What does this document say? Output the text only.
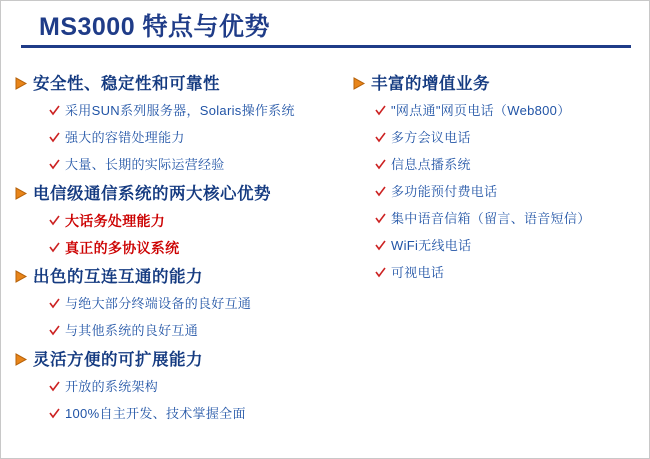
MS3000 特点与优势
安全性、稳定性和可靠性
采用SUN系列服务器，Solaris操作系统
强大的容错处理能力
大量、长期的实际运营经验
电信级通信系统的两大核心优势
大话务处理能力
真正的多协议系统
出色的互连互通的能力
与绝大部分终端设备的良好互通
与其他系统的良好互通
灵活方便的可扩展能力
开放的系统架构
100%自主开发、技术掌握全面
丰富的增值业务
"网点通"网页电话（Web800）
多方会议电话
信息点播系统
多功能预付费电话
集中语音信箱（留言、语音短信）
WiFi无线电话
可视电话
